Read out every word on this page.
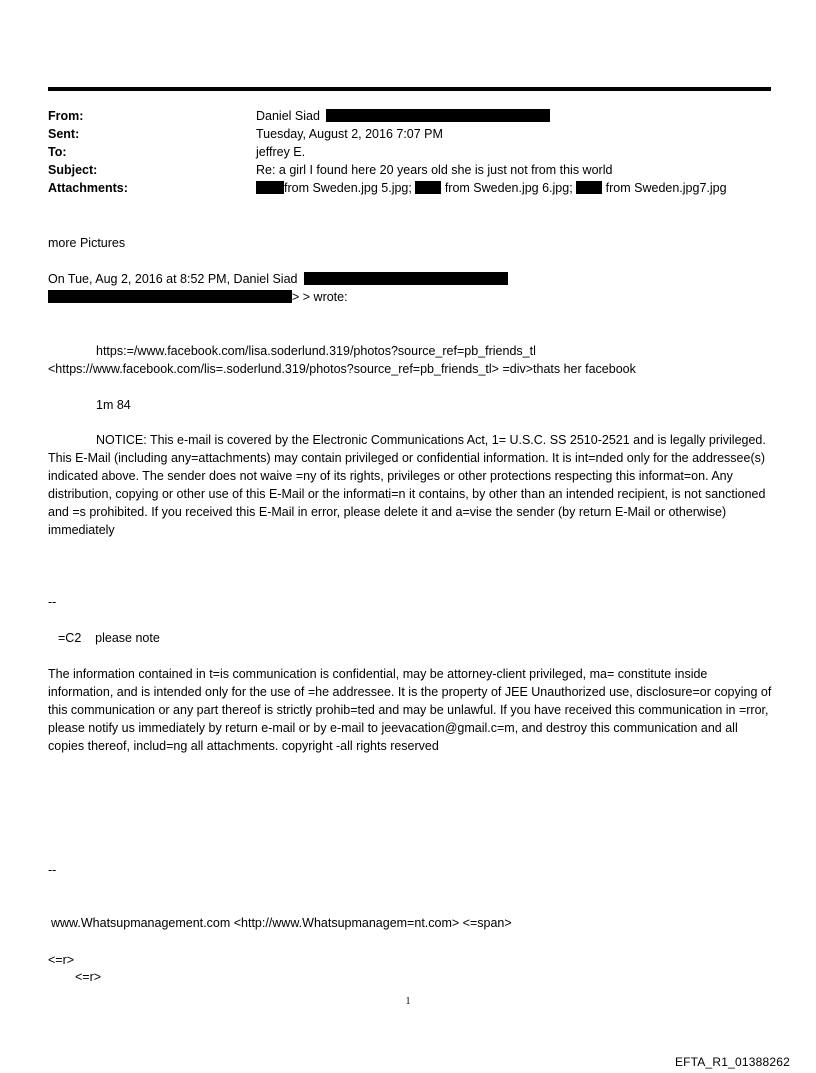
From:	Daniel Siad
Sent:	Tuesday, August 2, 2016 7:07 PM
To:	jeffrey E.
Subject:	Re: a girl I found here 20 years old she is just not from this world
Attachments:	from Sweden.jpg 5.jpg;	from Sweden.jpg 6.jpg;	from Sweden.jpg7.jpg
more Pictures
On Tue, Aug 2, 2016 at 8:52 PM, Daniel Siad
> > wrote:
https:=/www.facebook.com/lisa.soderlund.319/photos?source_ref=pb_friends_tl
<https://www.facebook.com/lis=.soderlund.319/photos?source_ref=pb_friends_tl> =div>thats her facebook
1m 84
NOTICE: This e-mail is covered by the Electronic Communications Act, 1= U.S.C. SS 2510-2521 and is legally privileged. This E-Mail (including any=attachments) may contain privileged or confidential information. It is int=nded only for the addressee(s) indicated above. The sender does not waive =ny of its rights, privileges or other protections respecting this informat=on. Any distribution, copying or other use of this E-Mail or the informati=n it contains, by other than an intended recipient, is not sanctioned and =s prohibited. If you received this E-Mail in error, please delete it and a=vise the sender (by return E-Mail or otherwise) immediately
--
=C2    please note
The information contained in t=is communication is confidential, may be attorney-client privileged, ma= constitute inside information, and is intended only for the use of =he addressee. It is the property of JEE Unauthorized use, disclosure=or copying of this communication or any part thereof is strictly prohib=ted and may be unlawful. If you have received this communication in =rror, please notify us immediately by return e-mail or by e-mail to jeevacation@gmail.c=m, and destroy this communication and all copies thereof, includ=ng all attachments. copyright -all rights reserved
--
www.Whatsupmanagement.com <http://www.Whatsupmanagem=nt.com> <=span>
<=r>
<=r>
1
EFTA_R1_01388262
